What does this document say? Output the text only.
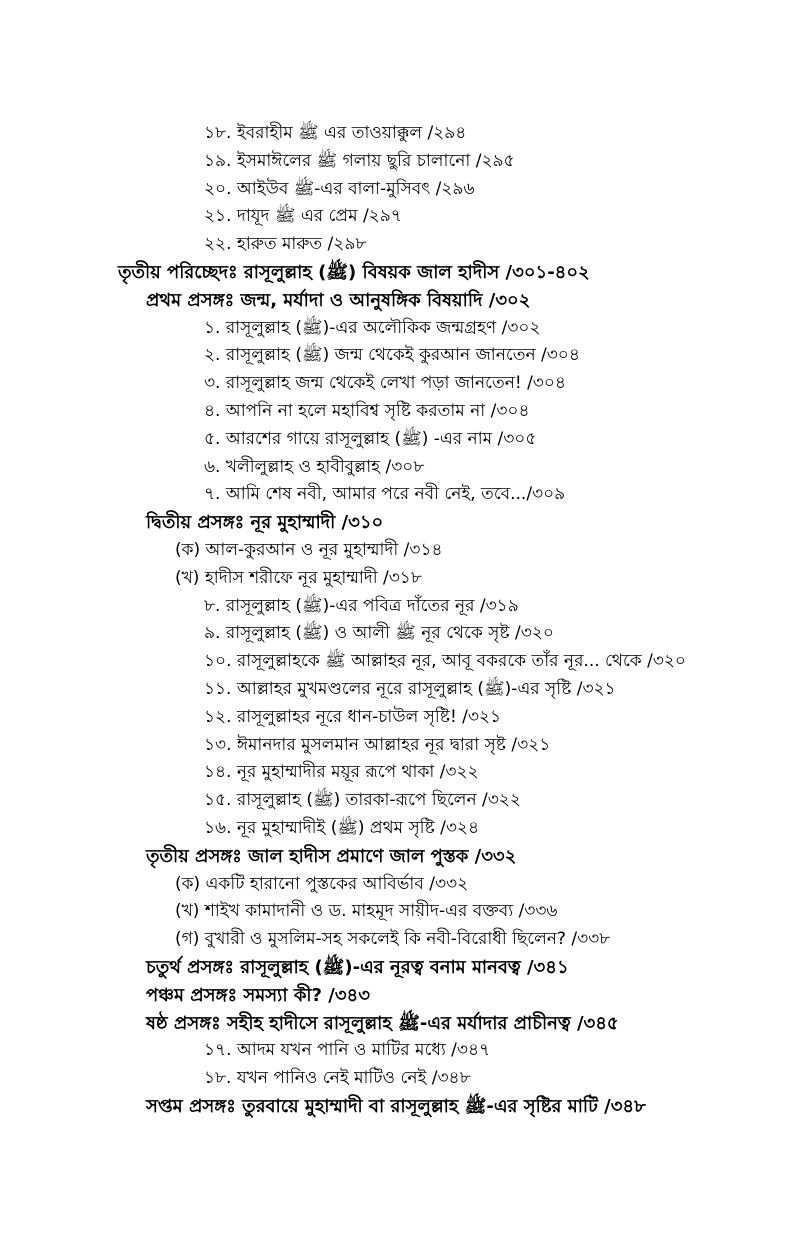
১৮. ইবরাহীম ﷺ এর তাওয়াক্কুল /২৯৪
১৯. ইসমাঈলের ﷺ গলায় ছুরি চালানো /২৯৫
২০. আইউব ﷺ-এর বালা-মুসিবৎ /২৯৬
২১. দাযূদ ﷺ এর প্রেম /২৯৭
২২. হারুত মারুত /২৯৮
তৃতীয় পরিচ্ছেদঃ রাসূলুল্লাহ (ﷺ) বিষয়ক জাল হাদীস /৩০১-৪০২
প্রথম প্রসঙ্গঃ জন্ম, মর্যাদা ও আনুষঙ্গিক বিষয়াদি /৩০২
১. রাসূলুল্লাহ (ﷺ)-এর অলৌকিক জন্মগ্রহণ /৩০২
২. রাসূলুল্লাহ (ﷺ) জন্ম থেকেই কুরআন জানতেন /৩০৪
৩. রাসূলুল্লাহ জন্ম থেকেই লেখা পড়া জানতেন! /৩০৪
৪. আপনি না হলে মহাবিশ্ব সৃষ্টি করতাম না /৩০৪
৫. আরশের গায়ে রাসূলুল্লাহ (ﷺ) -এর নাম /৩০৫
৬. খলীলুল্লাহ ও হাবীবুল্লাহ /৩০৮
৭. আমি শেষ নবী, আমার পরে নবী নেই, তবে.../৩০৯
দ্বিতীয় প্রসঙ্গঃ নূর মুহাম্মাদী /৩১০
(ক) আল-কুরআন ও নূর মুহাম্মাদী /৩১৪
(খ) হাদীস শরীফে নূর মুহাম্মাদী /৩১৮
৮. রাসূলুল্লাহ (ﷺ)-এর পবিত্র দাঁতের নূর /৩১৯
৯. রাসূলুল্লাহ (ﷺ) ও আলী ﷺ নূর থেকে সৃষ্ট /৩২০
১০. রাসূলুল্লাহকে ﷺ আল্লাহর নূর, আবূ বকরকে তাঁর নূর... থেকে /৩২০
১১. আল্লাহর মুখমণ্ডলের নূরে রাসূলুল্লাহ (ﷺ)-এর সৃষ্টি /৩২১
১২. রাসূলুল্লাহর নূরে ধান-চাউল সৃষ্টি! /৩২১
১৩. ঈমানদার মুসলমান আল্লাহর নূর দ্বারা সৃষ্ট /৩২১
১৪. নূর মুহাম্মাদীর ময়ূর রূপে থাকা /৩২২
১৫. রাসূলুল্লাহ (ﷺ) তারকা-রূপে ছিলেন /৩২২
১৬. নূর মুহাম্মাদীই (ﷺ) প্রথম সৃষ্টি /৩২৪
তৃতীয় প্রসঙ্গঃ জাল হাদীস প্রমাণে জাল পুস্তক /৩৩২
(ক) একটি হারানো পুস্তকের আবির্ভাব /৩৩২
(খ) শাইখ কামাদানী ও ড. মাহমূদ সায়ীদ-এর বক্তব্য /৩৩৬
(গ) বুখারী ও মুসলিম-সহ সকলেই কি নবী-বিরোধী ছিলেন? /৩৩৮
চতুর্থ প্রসঙ্গঃ রাসূলুল্লাহ (ﷺ)-এর নূরত্ব বনাম মানবত্ব /৩৪১
পঞ্চম প্রসঙ্গঃ সমস্যা কী? /৩৪৩
ষষ্ঠ প্রসঙ্গঃ সহীহ হাদীসে রাসূলুল্লাহ ﷺ-এর মর্যাদার প্রাচীনত্ব /৩৪৫
১৭. আদম যখন পানি ও মাটির মধ্যে /৩৪৭
১৮. যখন পানিও নেই মাটিও নেই /৩৪৮
সপ্তম প্রসঙ্গঃ তুরবায়ে মুহাম্মাদী বা রাসূলুল্লাহ ﷺ-এর সৃষ্টির মাটি /৩৪৮
